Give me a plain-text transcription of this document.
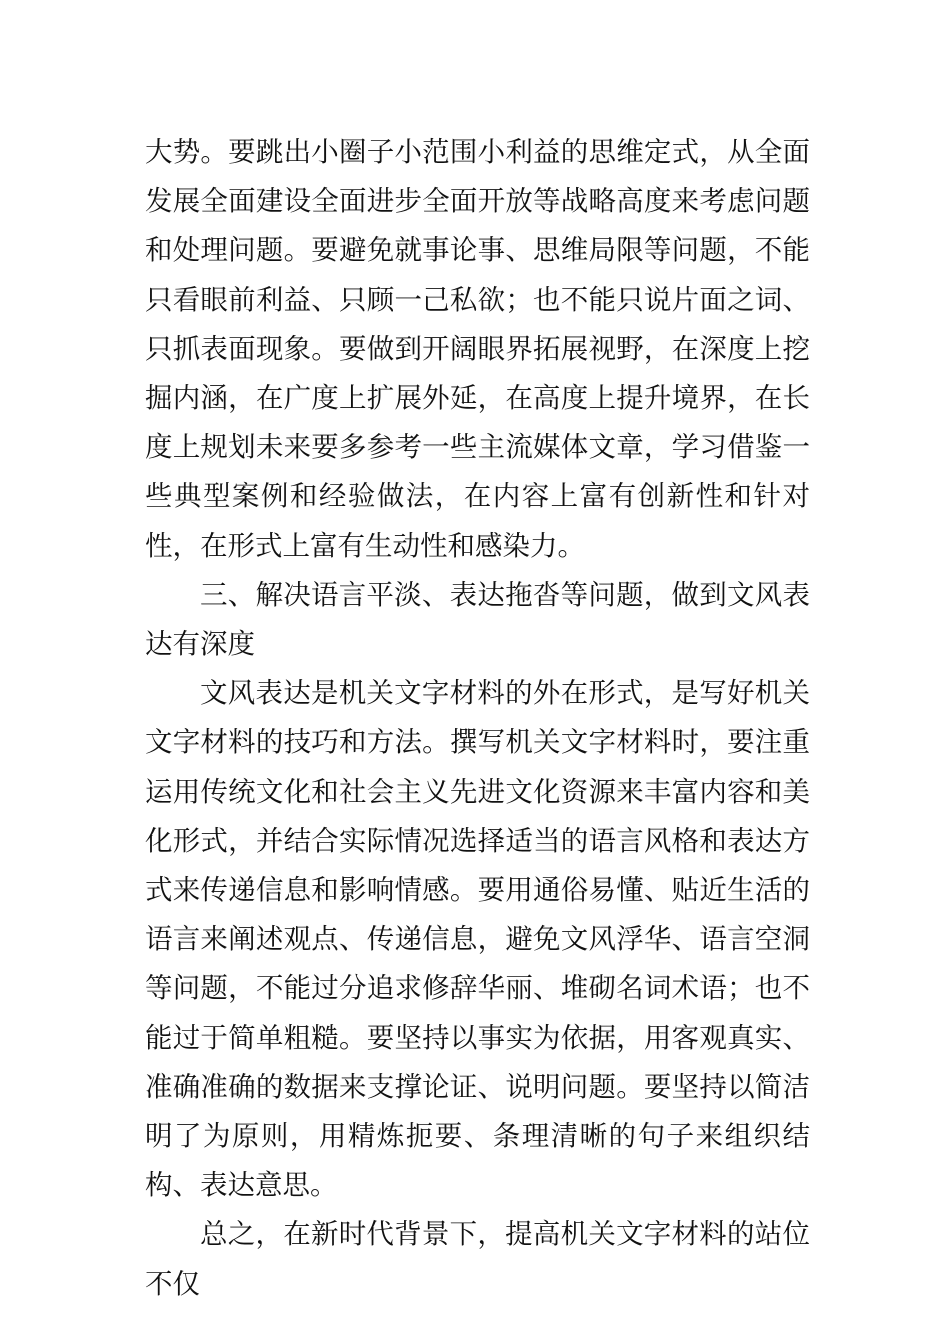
大势。要跳出小圈子小范围小利益的思维定式，从全面发展全面建设全面进步全面开放等战略高度来考虑问题和处理问题。要避免就事论事、思维局限等问题，不能只看眼前利益、只顾一己私欲；也不能只说片面之词、只抓表面现象。要做到开阔眼界拓展视野，在深度上挖掘内涵，在广度上扩展外延，在高度上提升境界，在长度上规划未来要多参考一些主流媒体文章，学习借鉴一些典型案例和经验做法，在内容上富有创新性和针对性，在形式上富有生动性和感染力。

三、解决语言平淡、表达拖沓等问题，做到文风表达有深度

文风表达是机关文字材料的外在形式，是写好机关文字材料的技巧和方法。撰写机关文字材料时，要注重运用传统文化和社会主义先进文化资源来丰富内容和美化形式，并结合实际情况选择适当的语言风格和表达方式来传递信息和影响情感。要用通俗易懂、贴近生活的语言来阐述观点、传递信息，避免文风浮华、语言空洞等问题，不能过分追求修辞华丽、堆砌名词术语；也不能过于简单粗糙。要坚持以事实为依据，用客观真实、准确准确的数据来支撑论证、说明问题。要坚持以简洁明了为原则，用精炼扼要、条理清晰的句子来组织结构、表达意思。

总之，在新时代背景下，提高机关文字材料的站位不仅
